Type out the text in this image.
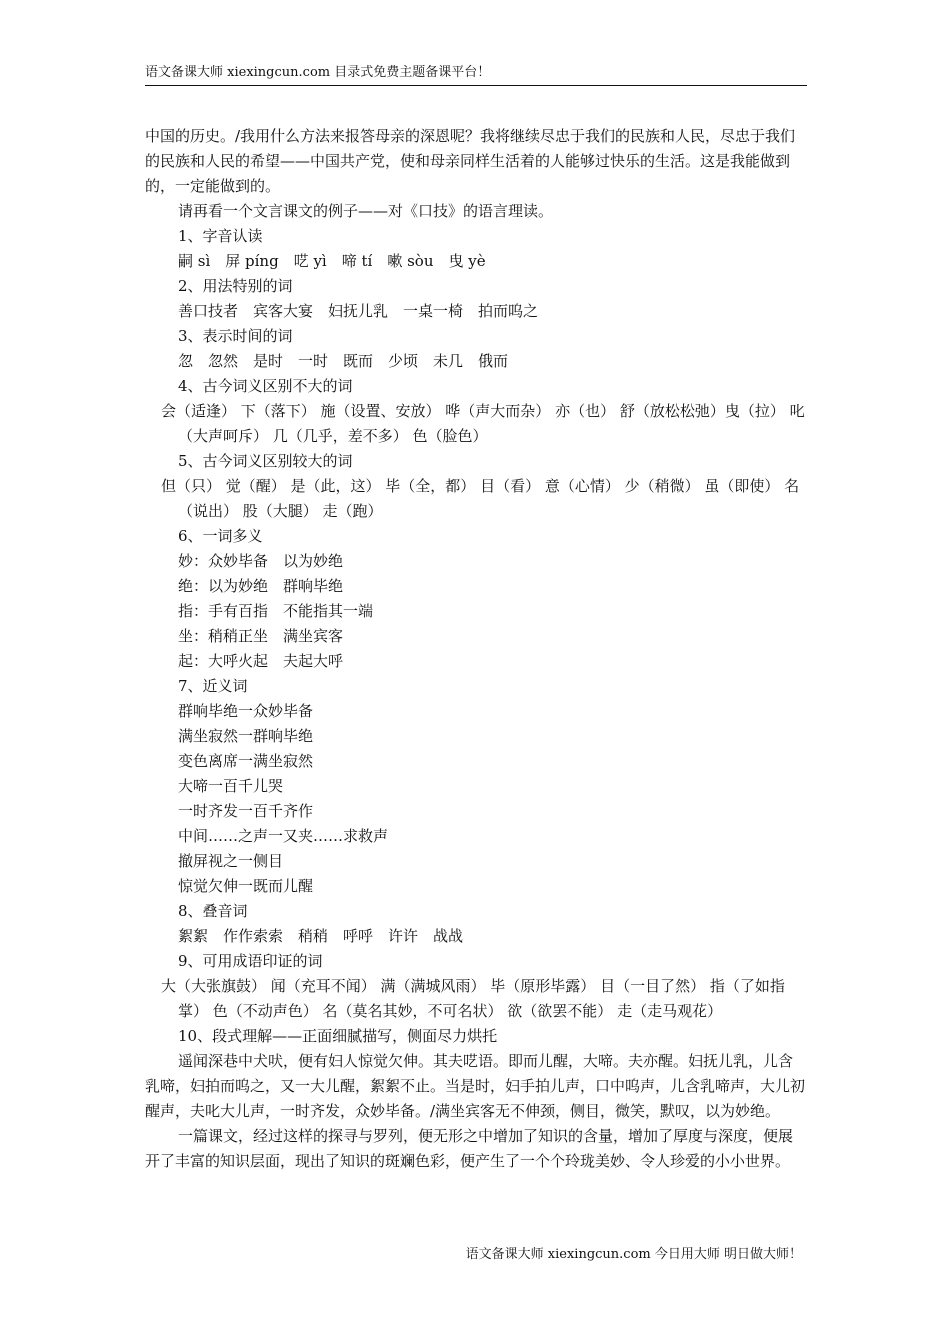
语文备课大师 xiexingcun.com 目录式免费主题备课平台！

中国的历史。/我用什么方法来报答母亲的深恩呢？我将继续尽忠于我们的民族和人民，尽忠于我们的民族和人民的希望——中国共产党，使和母亲同样生活着的人能够过快乐的生活。这是我能做到的，一定能做到的。

请再看一个文言课文的例子——对《口技》的语言理读。

1、字音认读

嗣 sì　屏 píng　呓 yì　啼 tí　嗽 sòu　曳 yè

2、用法特别的词

善口技者　宾客大宴　妇抚儿乳　一桌一椅　拍而呜之

3、表示时间的词

忽　忽然　是时　一时　既而　少顷　未几　俄而

4、古今词义区别不大的词

会（适逢） 下（落下） 施（设置、安放） 哗（声大而杂） 亦（也） 舒（放松松弛）曳（拉） 叱（大声呵斥） 几（几乎，差不多） 色（脸色）

5、古今词义区别较大的词

但（只） 觉（醒） 是（此，这） 毕（全，都） 目（看） 意（心情） 少（稍微） 虽（即使） 名（说出） 股（大腿） 走（跑）

6、一词多义

妙：众妙毕备　以为妙绝

绝：以为妙绝　群响毕绝

指：手有百指　不能指其一端

坐：稍稍正坐　满坐宾客

起：大呼火起　夫起大呼

7、近义词

群响毕绝一众妙毕备

满坐寂然一群响毕绝

变色离席一满坐寂然

大啼一百千儿哭

一时齐发一百千齐作

中间……之声一又夹……求救声

撤屏视之一侧目

惊觉欠伸一既而儿醒

8、叠音词

絮絮　作作索索　稍稍　呼呼　许许　战战

9、可用成语印证的词

大（大张旗鼓） 闻（充耳不闻） 满（满城风雨） 毕（原形毕露） 目（一目了然） 指（了如指掌） 色（不动声色） 名（莫名其妙，不可名状） 欲（欲罢不能） 走（走马观花）

10、段式理解——正面细腻描写，侧面尽力烘托

遥闻深巷中犬吠，便有妇人惊觉欠伸。其夫呓语。即而儿醒，大啼。夫亦醒。妇抚儿乳，儿含乳啼，妇拍而呜之，又一大儿醒，絮絮不止。当是时，妇手拍儿声，口中呜声，儿含乳啼声，大儿初醒声，夫叱大儿声，一时齐发，众妙毕备。/满坐宾客无不伸颈，侧目，微笑，默叹，以为妙绝。

一篇课文，经过这样的探寻与罗列，便无形之中增加了知识的含量，增加了厚度与深度，便展开了丰富的知识层面，现出了知识的斑斓色彩，便产生了一个个玲珑美妙、令人珍爱的小小世界。

语文备课大师 xiexingcun.com 今日用大师 明日做大师！
